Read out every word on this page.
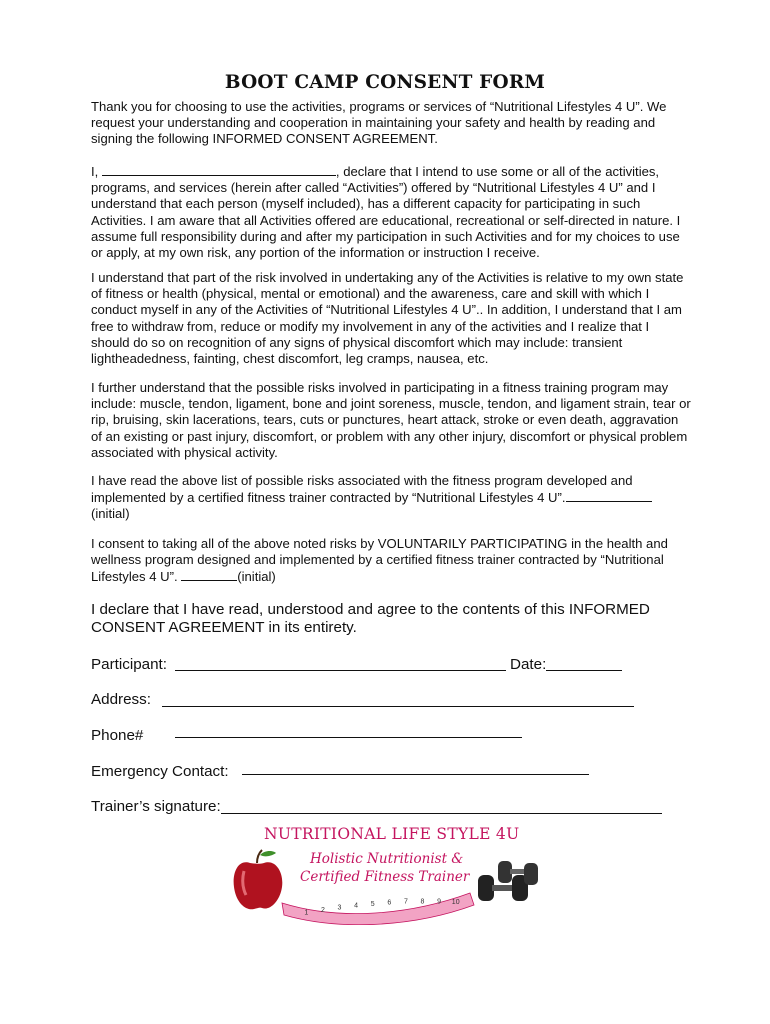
BOOT CAMP CONSENT FORM

Thank you for choosing to use the activities, programs or services of “Nutritional Lifestyles 4 U”. We request your understanding and cooperation in maintaining your safety and health by reading and signing the following INFORMED CONSENT AGREEMENT.

I,	, declare that I intend to use some or all of the activities, programs, and services (herein after called “Activities”) offered by “Nutritional Lifestyles 4 U” and I understand that each person (myself included), has a different capacity for participating in such Activities. I am aware that all Activities offered are educational, recreational or self-directed in nature. I assume full responsibility during and after my participation in such Activities and for my choices to use or apply, at my own risk, any portion of the information or instruction I receive.

I understand that part of the risk involved in undertaking any of the Activities is relative to my own state of fitness or health (physical, mental or emotional) and the awareness, care and skill with which I conduct myself in any of the Activities of “Nutritional Lifestyles 4 U”.. In addition, I understand that I am free to withdraw from, reduce or modify my involvement in any of the activities and I realize that I should do so on recognition of any signs of physical discomfort which may include: transient lightheadedness, fainting, chest discomfort, leg cramps, nausea, etc.

I further understand that the possible risks involved in participating in a fitness training program may include: muscle, tendon, ligament, bone and joint soreness, muscle, tendon, and ligament strain, tear or rip, bruising, skin lacerations, tears, cuts or punctures, heart attack, stroke or even death, aggravation of an existing or past injury, discomfort, or problem with any other injury, discomfort or physical problem associated with physical activity.

I have read the above list of possible risks associated with the fitness program developed and implemented by a certified fitness trainer contracted by “Nutritional Lifestyles 4 U”.
(initial)

I consent to taking all of the above noted risks by VOLUNTARILY PARTICIPATING in the health and wellness program designed and implemented by a certified fitness trainer contracted by “Nutritional Lifestyles 4 U”.	(initial)

I declare that I have read, understood and agree to the contents of this INFORMED CONSENT AGREEMENT in its entirety.

Participant:	Date:
Address:
Phone#
Emergency Contact:
Trainer’s signature:
NUTRITIONAL LIFE STYLE 4U
Holistic Nutritionist &
Certified Fitness Trainer
1 2 3 4 5 6 7 8 9 10
